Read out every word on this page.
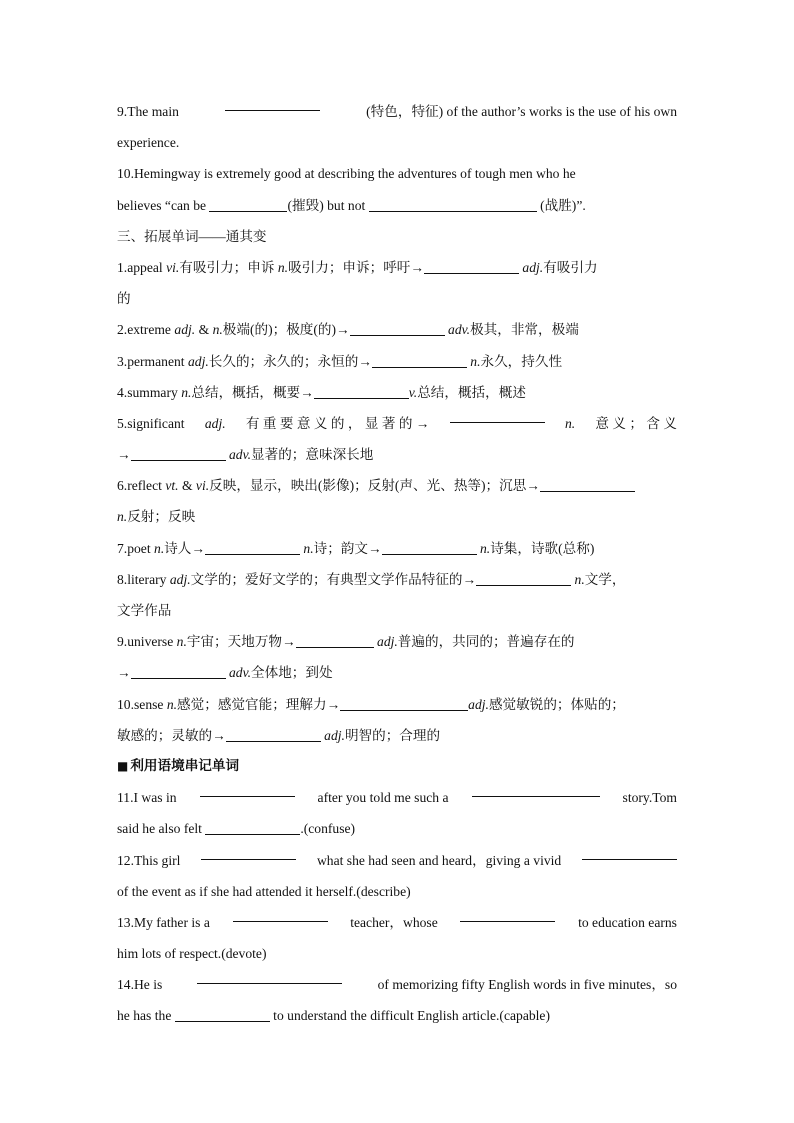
9.The main	(特色，特征) of the author’s works is the use of his own
experience.
10.Hemingway is extremely good at describing the adventures of tough men who he
believes “can be	(摧毁) but not	(战胜)”.
三、拓展单词——通其变
1.appeal vi.有吸引力；申诉 n.吸引力；申诉；呼吁→	adj.有吸引力
的
2.extreme adj. & n.极端(的)；极度(的)→	adv.极其，非常，极端
3.permanent adj.长久的；永久的；永恒的→	n.永久，持久性
4.summary n.总结，概括，概要→	v.总结，概括，概述
5.significant adj. 有 重 要 意 义 的 ， 显 著 的 →	n. 意 义 ； 含 义
→	adv.显著的；意味深长地
6.reflect vt. & vi.反映，显示，映出(影像)；反射(声、光、热等)；沉思→
n.反射；反映
7.poet n.诗人→	n.诗；韵文→	n.诗集，诗歌(总称)
8.literary adj.文学的；爱好文学的；有典型文学作品特征的→	n.文学，
文学作品
9.universe n.宇宙；天地万物→	adj.普遍的，共同的；普遍存在的
→	adv.全体地；到处
10.sense n.感觉；感觉官能；理解力→	adj.感觉敏锐的；体贴的；
敏感的；灵敏的→	adj.明智的；合理的
■ 利用语境串记单词
11.I was in	after you told me such a	story.Tom
said he also felt	.(confuse)
12.This girl	what she had seen and heard，giving a vivid
of the event as if she had attended it herself.(describe)
13.My father is a	teacher，whose	to education earns
him lots of respect.(devote)
14.He is	of memorizing fifty English words in five minutes，so
he has the	to understand the difficult English article.(capable)
